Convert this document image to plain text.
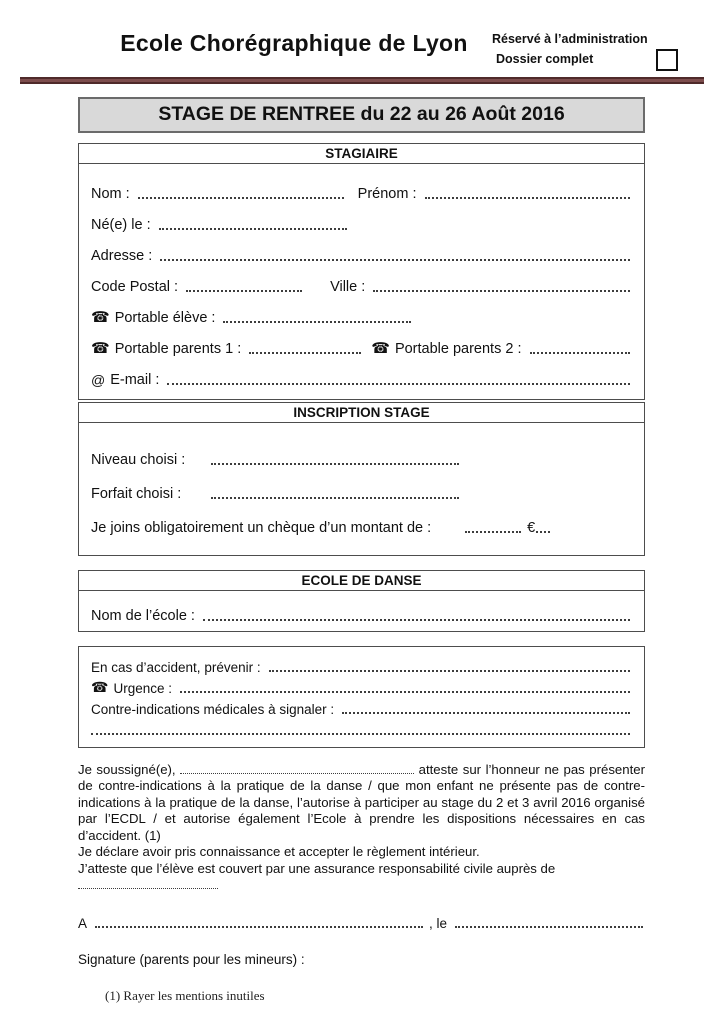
Ecole Chorégraphique de Lyon	Réservé à l’administration
Dossier complet
STAGE DE RENTREE du 22 au 26 Août 2016
STAGIAIRE
Nom :	Prénom :
Né(e) le :
Adresse :
Code Postal :	Ville :
☎ Portable élève :
☎ Portable parents 1 :	☎ Portable parents 2 :
@ E-mail :
INSCRIPTION STAGE
Niveau choisi :
Forfait choisi :
Je joins obligatoirement un chèque d’un montant de :	€
ECOLE DE DANSE
Nom de l’école :
En cas d’accident, prévenir :
☎ Urgence :
Contre-indications médicales à signaler :

Je soussigné(e),	atteste sur l’honneur ne pas présenter de contre-indications à la pratique de la danse / que mon enfant ne présente pas de contre-indications à la pratique de la danse, l’autorise à participer au stage du 2 et 3 avril 2016 organisé par l’ECDL / et autorise également l’Ecole à prendre les dispositions nécessaires en cas d’accident. (1)

Je déclare avoir pris connaissance et accepter le règlement intérieur.

J’atteste que l’élève est couvert par une assurance responsabilité civile auprès de

A	, le
Signature (parents pour les mineurs) :
(1) Rayer les mentions inutiles
